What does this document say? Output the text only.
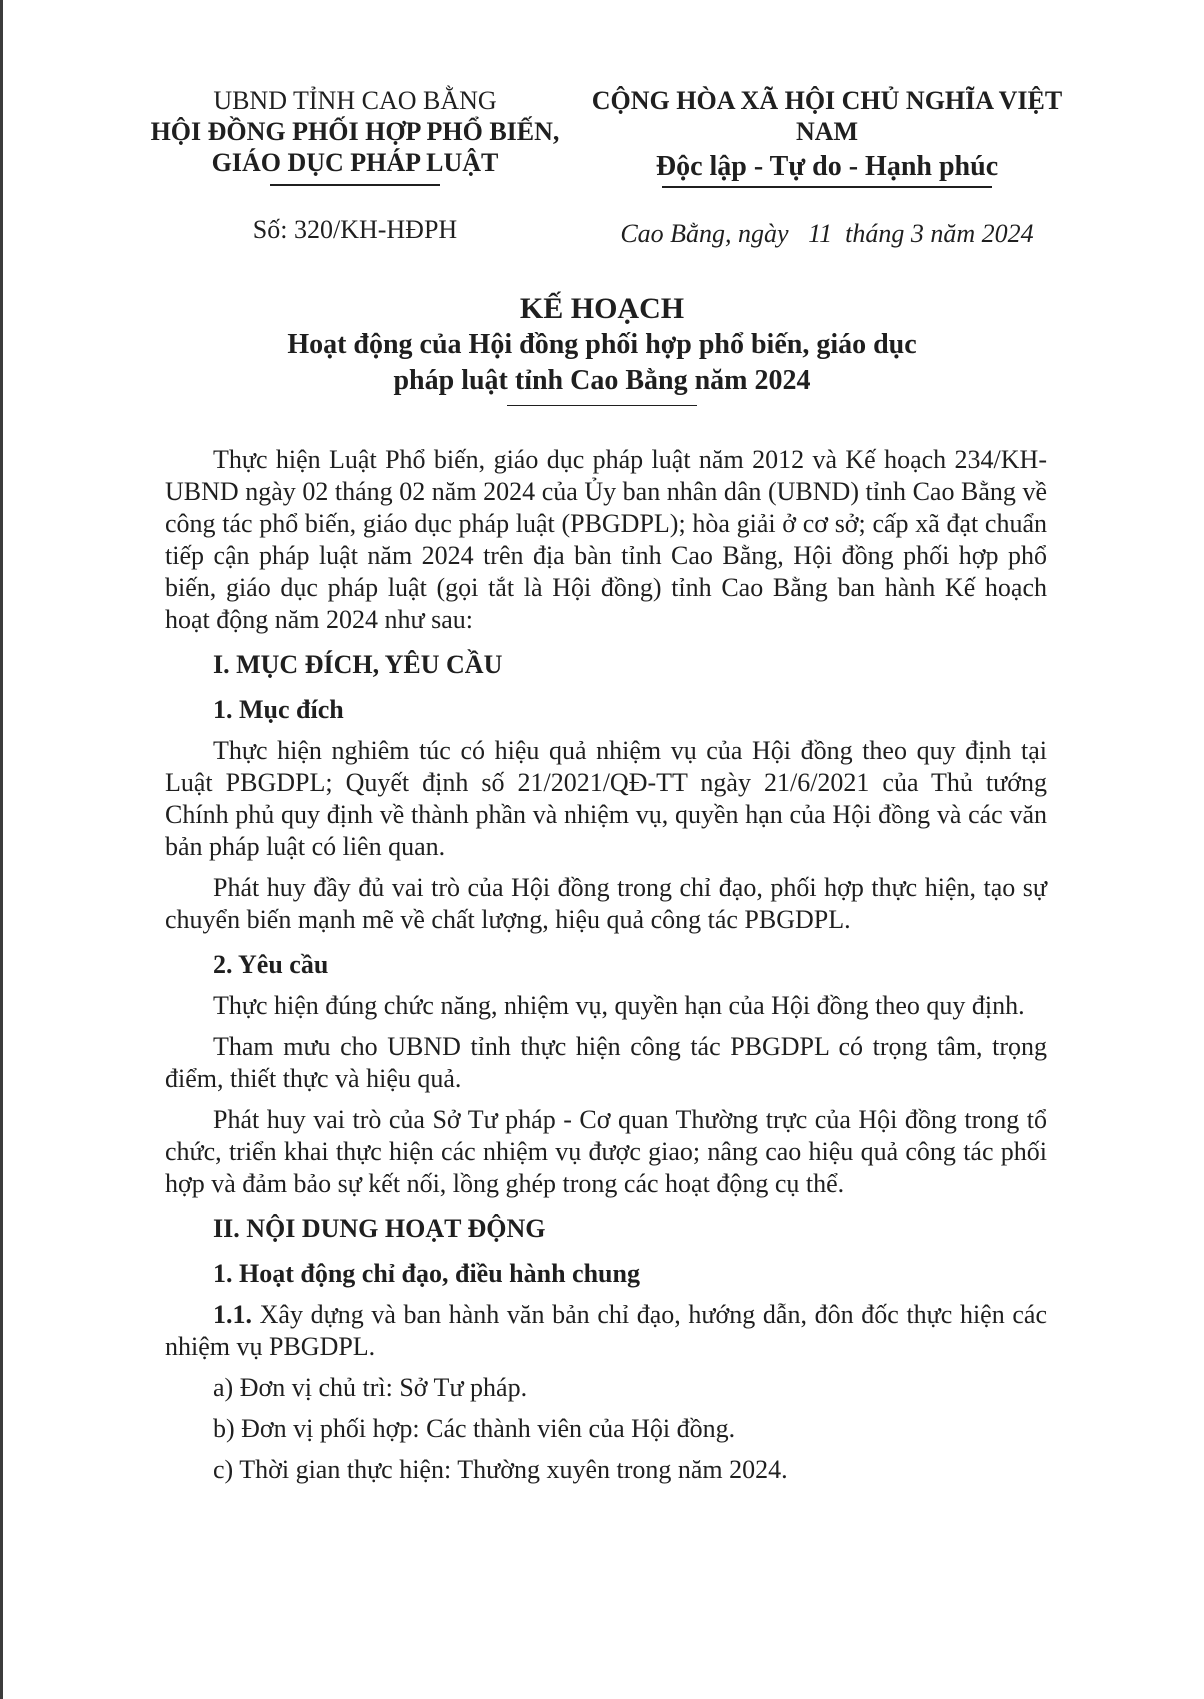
UBND TỈNH CAO BẰNG
HỘI ĐỒNG PHỐI HỢP PHỔ BIẾN,
GIÁO DỤC PHÁP LUẬT
Số: 320/KH-HĐPH
CỘNG HÒA XÃ HỘI CHỦ NGHĨA VIỆT NAM
Độc lập - Tự do - Hạnh phúc
Cao Bằng, ngày   11  tháng 3 năm 2024
KẾ HOẠCH
Hoạt động của Hội đồng phối hợp phổ biến, giáo dục
pháp luật tỉnh Cao Bằng năm 2024

Thực hiện Luật Phổ biến, giáo dục pháp luật năm 2012 và Kế hoạch 234/KH-UBND ngày 02 tháng 02 năm 2024 của Ủy ban nhân dân (UBND) tỉnh Cao Bằng về công tác phổ biến, giáo dục pháp luật (PBGDPL); hòa giải ở cơ sở; cấp xã đạt chuẩn tiếp cận pháp luật năm 2024 trên địa bàn tỉnh Cao Bằng, Hội đồng phối hợp phổ biến, giáo dục pháp luật (gọi tắt là Hội đồng) tỉnh Cao Bằng ban hành Kế hoạch hoạt động năm 2024 như sau:

I. MỤC ĐÍCH, YÊU CẦU

1. Mục đích

Thực hiện nghiêm túc có hiệu quả nhiệm vụ của Hội đồng theo quy định tại Luật PBGDPL; Quyết định số 21/2021/QĐ-TT ngày 21/6/2021 của Thủ tướng Chính phủ quy định về thành phần và nhiệm vụ, quyền hạn của Hội đồng và các văn bản pháp luật có liên quan.

Phát huy đầy đủ vai trò của Hội đồng trong chỉ đạo, phối hợp thực hiện, tạo sự chuyển biến mạnh mẽ về chất lượng, hiệu quả công tác PBGDPL.

2. Yêu cầu

Thực hiện đúng chức năng, nhiệm vụ, quyền hạn của Hội đồng theo quy định.

Tham mưu cho UBND tỉnh thực hiện công tác PBGDPL có trọng tâm, trọng điểm, thiết thực và hiệu quả.

Phát huy vai trò của Sở Tư pháp - Cơ quan Thường trực của Hội đồng trong tổ chức, triển khai thực hiện các nhiệm vụ được giao; nâng cao hiệu quả công tác phối hợp và đảm bảo sự kết nối, lồng ghép trong các hoạt động cụ thể.

II. NỘI DUNG HOẠT ĐỘNG

1. Hoạt động chỉ đạo, điều hành chung

1.1. Xây dựng và ban hành văn bản chỉ đạo, hướng dẫn, đôn đốc thực hiện các nhiệm vụ PBGDPL.

a) Đơn vị chủ trì: Sở Tư pháp.

b) Đơn vị phối hợp: Các thành viên của Hội đồng.

c) Thời gian thực hiện: Thường xuyên trong năm 2024.
